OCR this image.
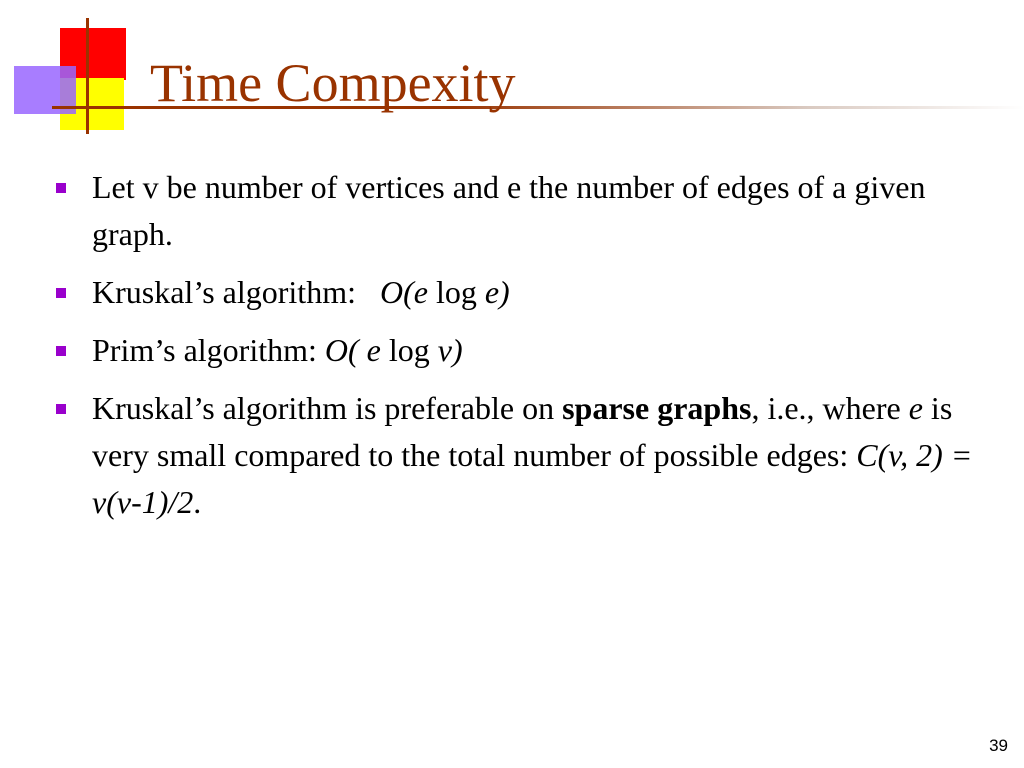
Time Compexity
Let v be number of vertices and e the number of edges of a given graph.
Kruskal’s algorithm:   O(e log e)
Prim’s algorithm: O( e log v)
Kruskal’s algorithm is preferable on sparse graphs, i.e., where e is very small compared to the total number of possible edges: C(v, 2) = v(v-1)/2.
39
